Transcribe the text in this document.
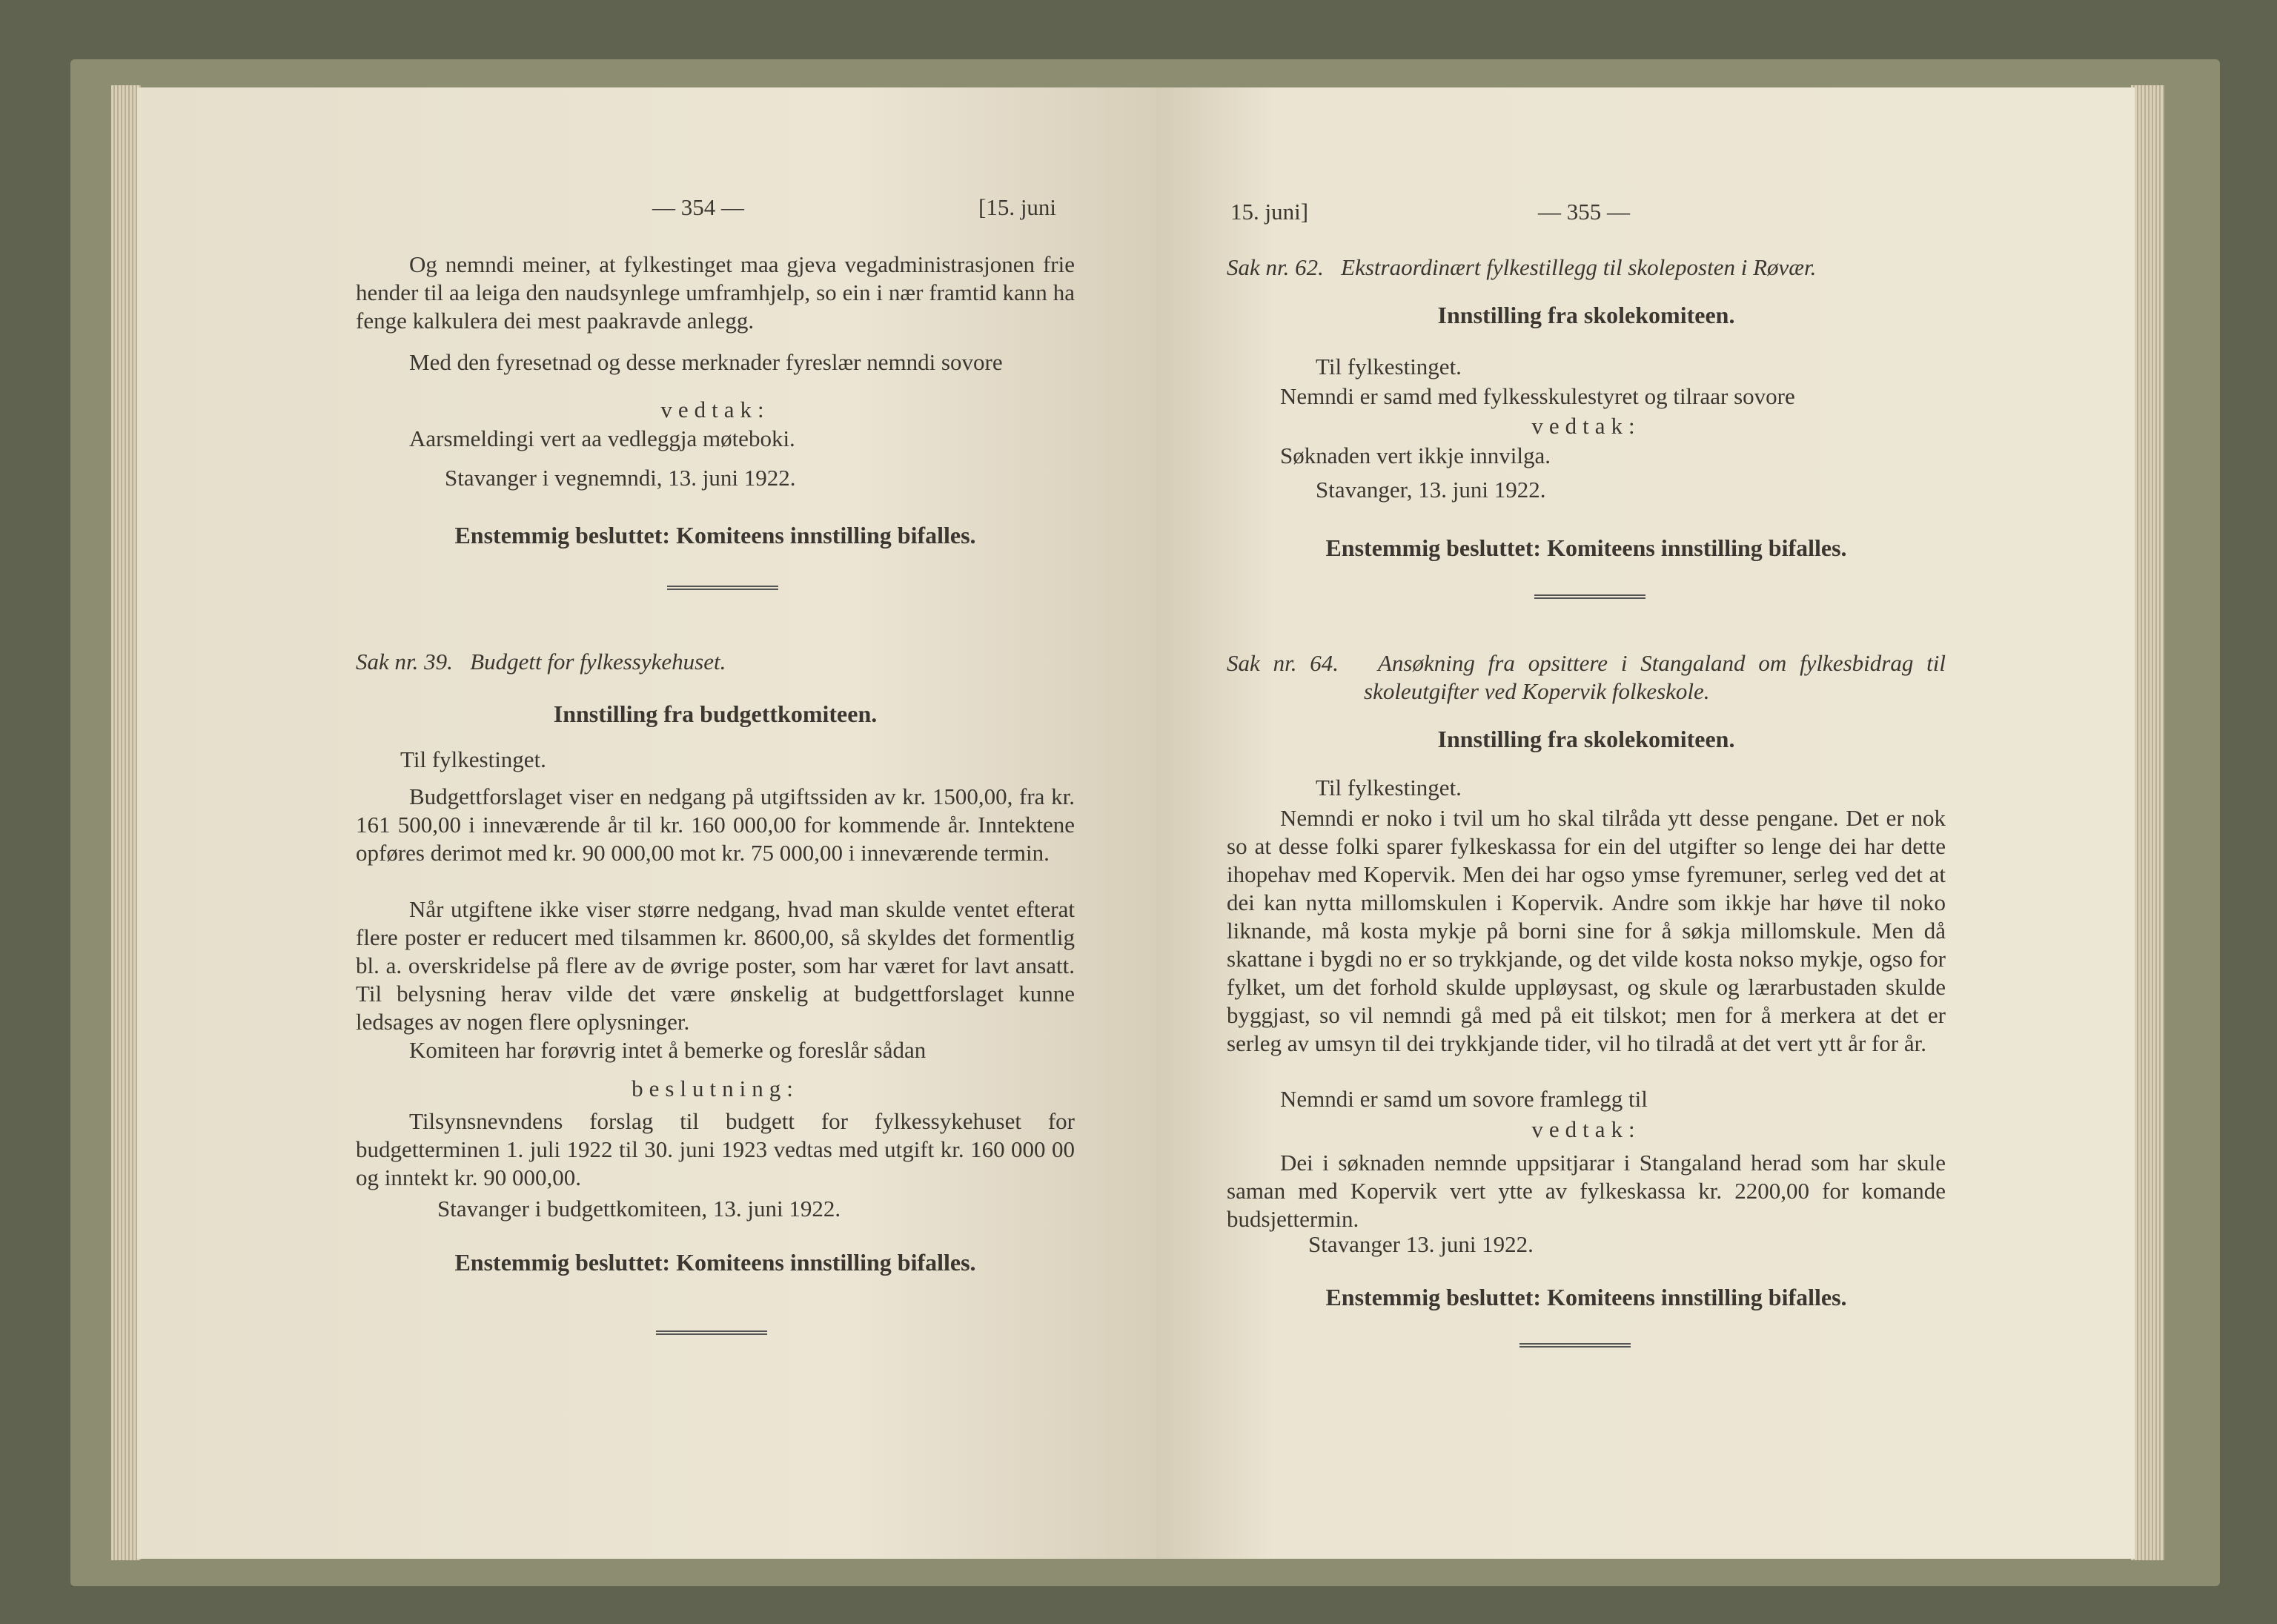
— 354 —	[15. juni
Og nemndi meiner, at fylkestinget maa gjeva vegadministrasjonen frie hender til aa leiga den naudsynlege umframhjelp, so ein i nær framtid kann ha fenge kalkulera dei mest paakravde anlegg.
Med den fyresetnad og desse merknader fyreslær nemndi sovore
vedtak:
Aarsmeldingi vert aa vedleggja møteboki.
Stavanger i vegnemndi, 13. juni 1922.
Enstemmig besluttet: Komiteens innstilling bifalles.
Sak nr. 39. Budgett for fylkessykehuset.
Innstilling fra budgettkomiteen.
Til fylkestinget.
Budgettforslaget viser en nedgang på utgiftssiden av kr. 1500,00, fra kr. 161 500,00 i inneværende år til kr. 160 000,00 for kommende år. Inntektene opføres derimot med kr. 90 000,00 mot kr. 75 000,00 i inneværende termin.
Når utgiftene ikke viser større nedgang, hvad man skulde ventet efterat flere poster er reducert med tilsammen kr. 8600,00, så skyldes det formentlig bl. a. overskridelse på flere av de øvrige poster, som har været for lavt ansatt. Til belysning herav vilde det være ønskelig at budgettforslaget kunne ledsages av nogen flere oplysninger.
Komiteen har forøvrig intet å bemerke og foreslår sådan
beslutning:
Tilsynsnevndens forslag til budgett for fylkessykehuset for budgetterminen 1. juli 1922 til 30. juni 1923 vedtas med utgift kr. 160 000 00 og inntekt kr. 90 000,00.
Stavanger i budgettkomiteen, 13. juni 1922.
Enstemmig besluttet: Komiteens innstilling bifalles.
15. juni]	— 355 —
Sak nr. 62. Ekstraordinært fylkestillegg til skoleposten i Røvær.
Innstilling fra skolekomiteen.
Til fylkestinget.
Nemndi er samd med fylkesskulestyret og tilraar sovore
vedtak:
Søknaden vert ikkje innvilga.
Stavanger, 13. juni 1922.
Enstemmig besluttet: Komiteens innstilling bifalles.
Sak nr. 64. Ansøkning fra opsittere i Stangaland om fylkesbidrag til skoleutgifter ved Kopervik folkeskole.
Innstilling fra skolekomiteen.
Til fylkestinget.
Nemndi er noko i tvil um ho skal tilråda ytt desse pengane. Det er nok so at desse folki sparer fylkeskassa for ein del utgifter so lenge dei har dette ihopehav med Kopervik. Men dei har ogso ymse fyremuner, serleg ved det at dei kan nytta millomskulen i Kopervik. Andre som ikkje har høve til noko liknande, må kosta mykje på borni sine for å søkja millomskule. Men då skattane i bygdi no er so trykkjande, og det vilde kosta nokso mykje, ogso for fylket, um det forhold skulde uppløysast, og skule og lærarbustaden skulde byggjast, so vil nemndi gå med på eit tilskot; men for å merkera at det er serleg av umsyn til dei trykkjande tider, vil ho tilradå at det vert ytt år for år.
Nemndi er samd um sovore framlegg til
vedtak:
Dei i søknaden nemnde uppsitjarar i Stangaland herad som har skule saman med Kopervik vert ytte av fylkeskassa kr. 2200,00 for komande budsjettermin.
Stavanger 13. juni 1922.
Enstemmig besluttet: Komiteens innstilling bifalles.
